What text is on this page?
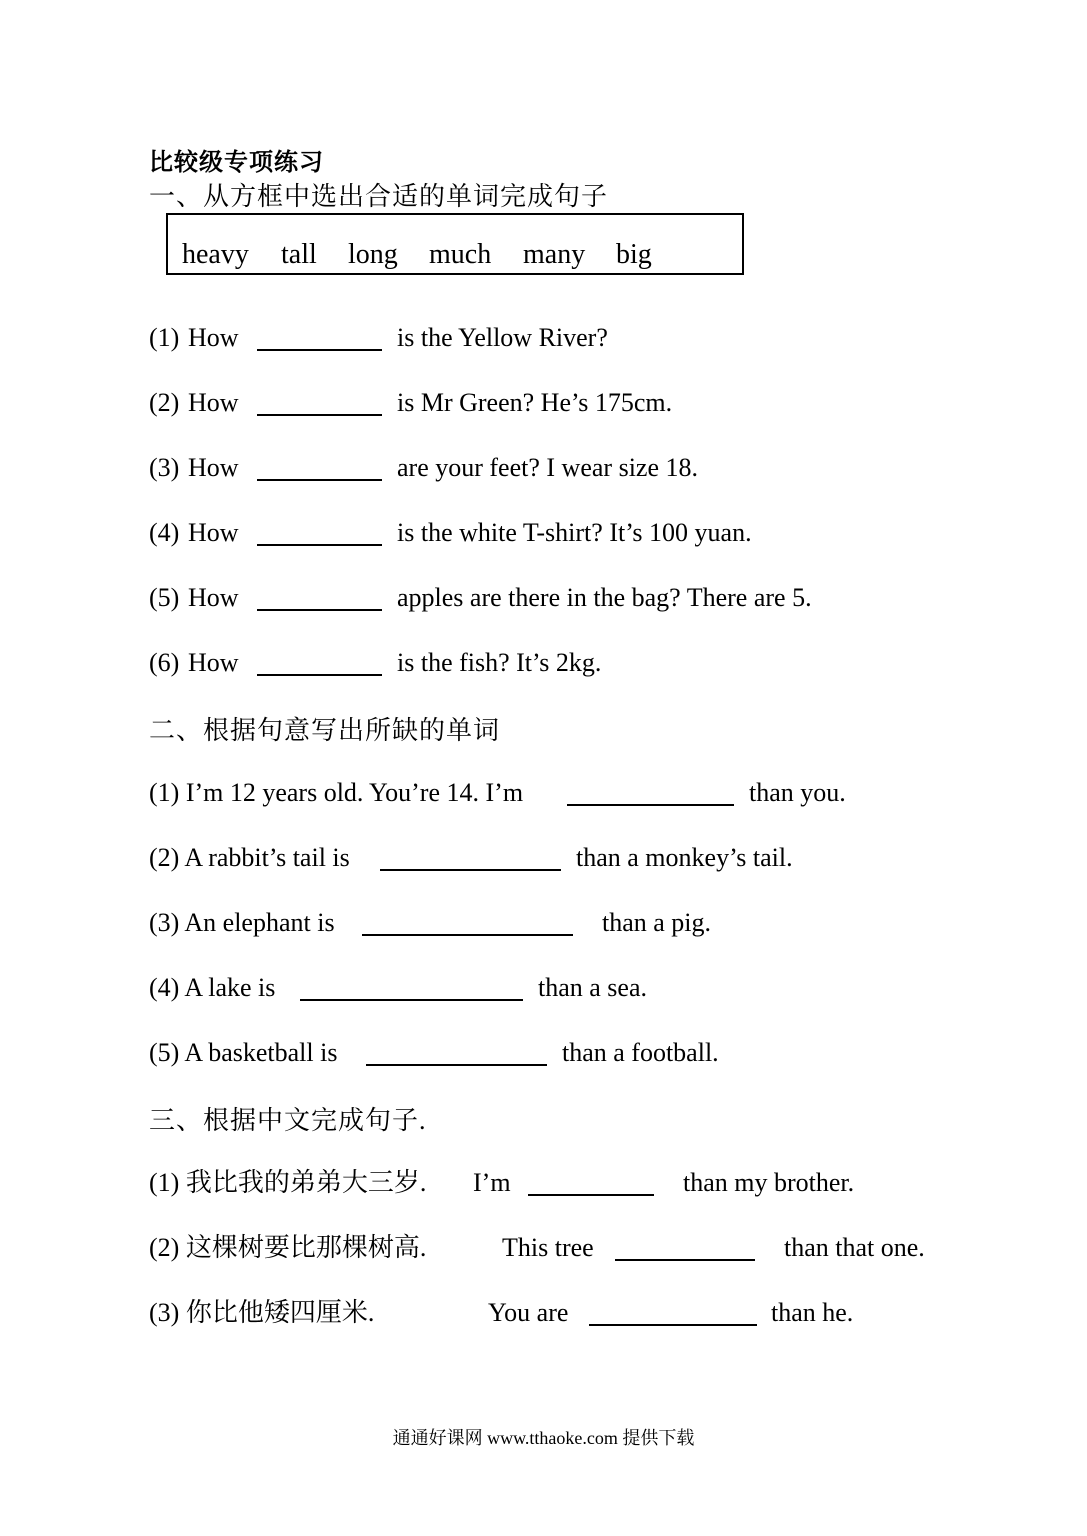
比较级专项练习
一、从方框中选出合适的单词完成句子
heavy tall long much many big
(1) How	is the Yellow River?
(2) How	is Mr Green? He’s 175cm.
(3) How	are your feet? I wear size 18.
(4) How	is the white T-shirt? It’s 100 yuan.
(5) How	apples are there in the bag? There are 5.
(6) How	is the fish? It’s 2kg.
二、根据句意写出所缺的单词
(1) I’m 12 years old. You’re 14. I’m	than you.
(2) A rabbit’s tail is	than a monkey’s tail.
(3) An elephant is	than a pig.
(4) A lake is	than a sea.
(5) A basketball is	than a football.
三、根据中文完成句子.
(1) 我比我的弟弟大三岁. I’m	than my brother.
(2) 这棵树要比那棵树高.	This tree	than that one.
(3) 你比他矮四厘米.	You are	than he.
通通好课网 www.tthaoke.com 提供下载
